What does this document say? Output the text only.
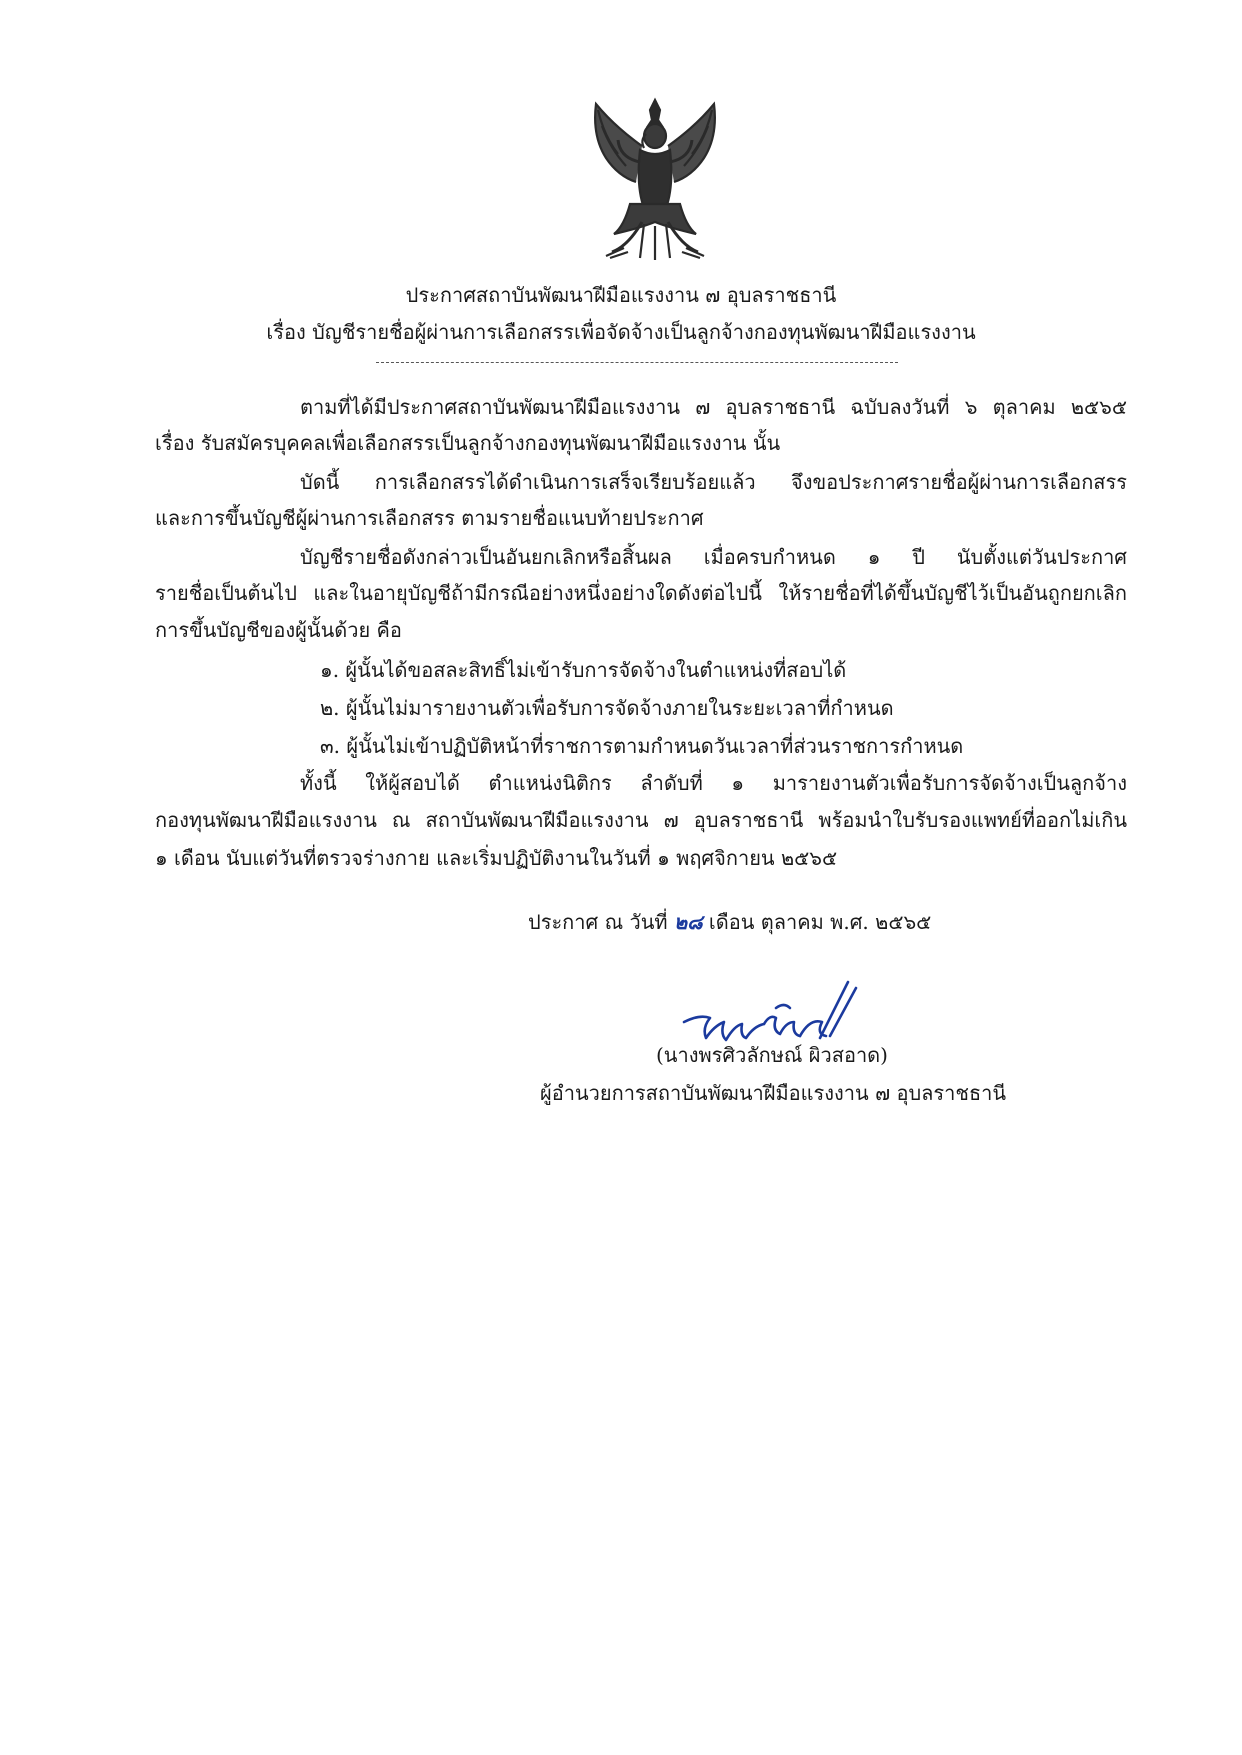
ประกาศสถาบันพัฒนาฝีมือแรงงาน ๗ อุบลราชธานี
เรื่อง บัญชีรายชื่อผู้ผ่านการเลือกสรรเพื่อจัดจ้างเป็นลูกจ้างกองทุนพัฒนาฝีมือแรงงาน
ตามที่ได้มีประกาศสถาบันพัฒนาฝีมือแรงงาน ๗ อุบลราชธานี ฉบับลงวันที่ ๖ ตุลาคม ๒๕๖๕
เรื่อง รับสมัครบุคคลเพื่อเลือกสรรเป็นลูกจ้างกองทุนพัฒนาฝีมือแรงงาน นั้น
บัดนี้ การเลือกสรรได้ดำเนินการเสร็จเรียบร้อยแล้ว จึงขอประกาศรายชื่อผู้ผ่านการเลือกสรร
และการขึ้นบัญชีผู้ผ่านการเลือกสรร ตามรายชื่อแนบท้ายประกาศ
บัญชีรายชื่อดังกล่าวเป็นอันยกเลิกหรือสิ้นผล เมื่อครบกำหนด ๑ ปี นับตั้งแต่วันประกาศ
รายชื่อเป็นต้นไป และในอายุบัญชีถ้ามีกรณีอย่างหนึ่งอย่างใดดังต่อไปนี้ ให้รายชื่อที่ได้ขึ้นบัญชีไว้เป็นอันถูกยกเลิก
การขึ้นบัญชีของผู้นั้นด้วย คือ
๑. ผู้นั้นได้ขอสละสิทธิ์ไม่เข้ารับการจัดจ้างในตำแหน่งที่สอบได้
๒. ผู้นั้นไม่มารายงานตัวเพื่อรับการจัดจ้างภายในระยะเวลาที่กำหนด
๓. ผู้นั้นไม่เข้าปฏิบัติหน้าที่ราชการตามกำหนดวันเวลาที่ส่วนราชการกำหนด
ทั้งนี้ ให้ผู้สอบได้ ตำแหน่งนิติกร ลำดับที่ ๑ มารายงานตัวเพื่อรับการจัดจ้างเป็นลูกจ้าง
กองทุนพัฒนาฝีมือแรงงาน ณ สถาบันพัฒนาฝีมือแรงงาน ๗ อุบลราชธานี พร้อมนำใบรับรองแพทย์ที่ออกไม่เกิน
๑ เดือน นับแต่วันที่ตรวจร่างกาย และเริ่มปฏิบัติงานในวันที่ ๑ พฤศจิกายน ๒๕๖๕
ประกาศ ณ วันที่ ๒๘ เดือน ตุลาคม พ.ศ. ๒๕๖๕
(นางพรศิวลักษณ์ ผิวสอาด)
ผู้อำนวยการสถาบันพัฒนาฝีมือแรงงาน ๗ อุบลราชธานี
